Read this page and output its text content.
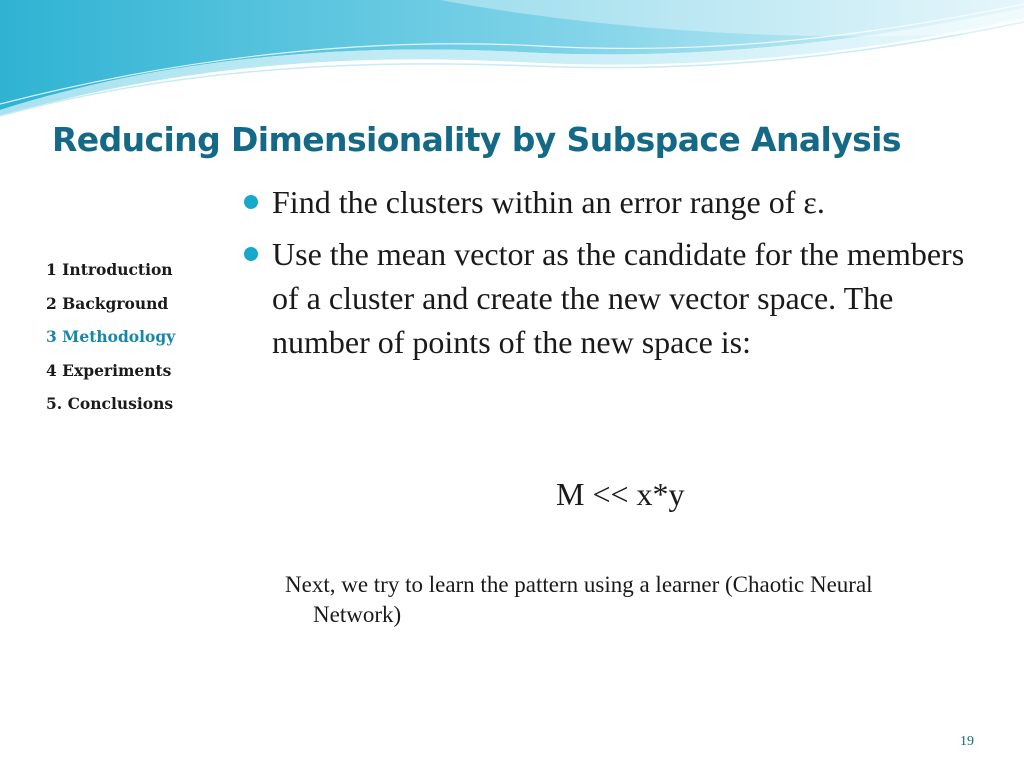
Reducing Dimensionality by Subspace Analysis
1 Introduction
2 Background
3 Methodology
4 Experiments
5. Conclusions
Find the clusters within an error range of ε.
Use the mean vector as the candidate for the members of a cluster and create the new vector space. The number of points of the new space is:
M << x*y

Next, we try to learn the pattern using a learner (Chaotic Neural Network)

19
